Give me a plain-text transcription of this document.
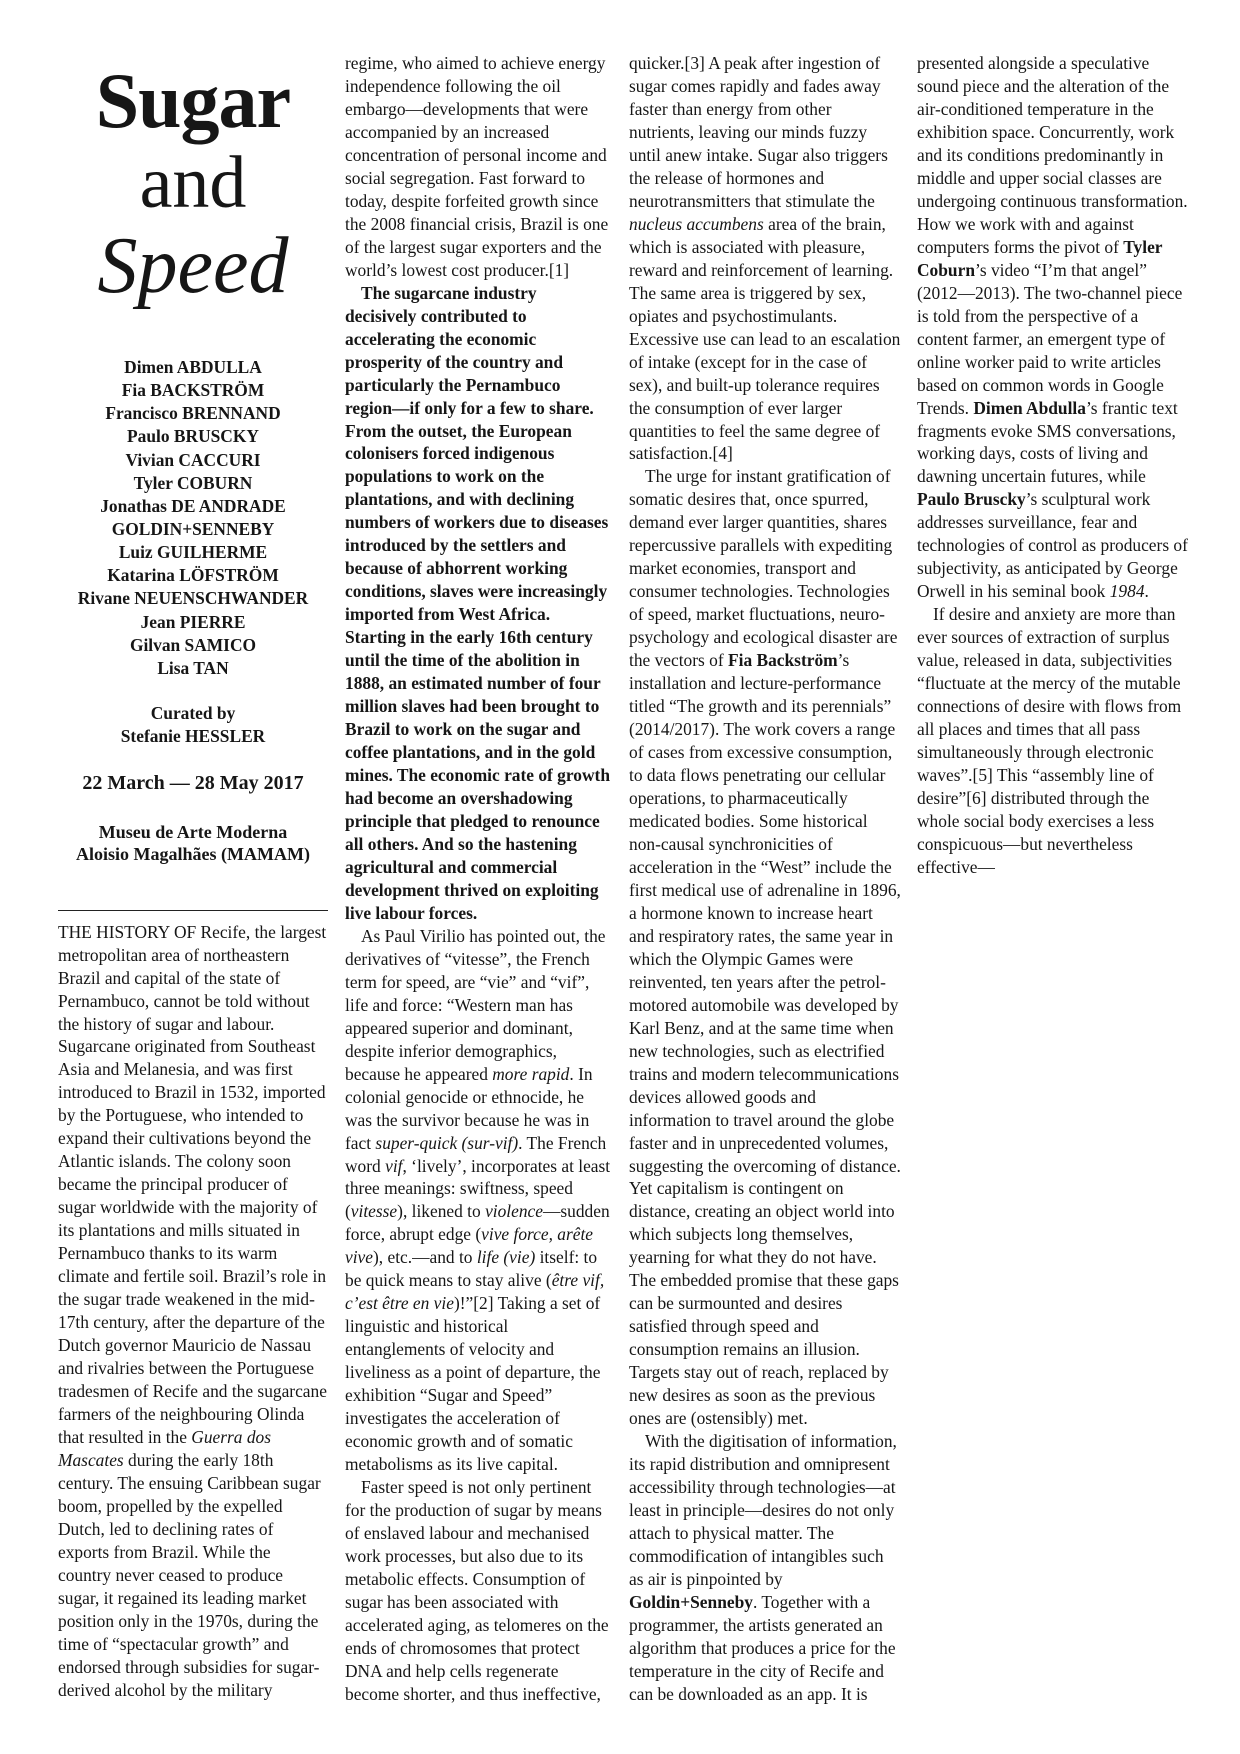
Sugar
and
Speed
Dimen ABDULLA
Fia BACKSTRÖM
Francisco BRENNAND
Paulo BRUSCKY
Vivian CACCURI
Tyler COBURN
Jonathas DE ANDRADE
GOLDIN+SENNEBY
Luiz GUILHERME
Katarina LÖFSTRÖM
Rivane NEUENSCHWANDER
Jean PIERRE
Gilvan SAMICO
Lisa TAN
Curated by
Stefanie HESSLER
22 March — 28 May 2017
Museu de Arte Moderna
Aloisio Magalhães (MAMAM)

THE HISTORY OF Recife, the largest metropolitan area of northeastern Brazil and capital of the state of Pernambuco, cannot be told without the history of sugar and labour. Sugarcane originated from Southeast Asia and Melanesia, and was first introduced to Brazil in 1532, imported by the Portuguese, who intended to expand their cultivations beyond the Atlantic islands. The colony soon became the principal producer of sugar worldwide with the majority of its plantations and mills situated in Pernambuco thanks to its warm climate and fertile soil. Brazil’s role in the sugar trade weakened in the mid-17th century, after the departure of the Dutch governor Mauricio de Nassau and rivalries between the Portuguese tradesmen of Recife and the sugarcane farmers of the neighbouring Olinda that resulted in the Guerra dos Mascates during the early 18th century. The ensuing Caribbean sugar boom, propelled by the expelled Dutch, led to declining rates of exports from Brazil. While the country never ceased to produce sugar, it regained its leading market position only in the 1970s, during the time of “spectacular growth” and endorsed through subsidies for sugar-derived alcohol by the military

regime, who aimed to achieve energy independence following the oil embargo—developments that were accompanied by an increased concentration of personal income and social segregation. Fast forward to today, despite forfeited growth since the 2008 financial crisis, Brazil is one of the largest sugar exporters and the world’s lowest cost producer.[1]

The sugarcane industry decisively contributed to accelerating the economic prosperity of the country and particularly the Pernambuco region—if only for a few to share. From the outset, the European colonisers forced indigenous populations to work on the plantations, and with declining numbers of workers due to diseases introduced by the settlers and because of abhorrent working conditions, slaves were increasingly imported from West Africa. Starting in the early 16th century until the time of the abolition in 1888, an estimated number of four million slaves had been brought to Brazil to work on the sugar and coffee plantations, and in the gold mines. The economic rate of growth had become an overshadowing principle that pledged to renounce all others. And so the hastening agricultural and commercial development thrived on exploiting live labour forces.

As Paul Virilio has pointed out, the derivatives of “vitesse”, the French term for speed, are “vie” and “vif”, life and force: “Western man has appeared superior and dominant, despite inferior demographics, because he appeared more rapid. In colonial genocide or ethnocide, he was the survivor because he was in fact super-quick (sur-vif). The French word vif, ‘lively’, incorporates at least three meanings: swiftness, speed (vitesse), likened to violence—sudden force, abrupt edge (vive force, arête vive), etc.—and to life (vie) itself: to be quick means to stay alive (être vif, c’est être en vie)!”[2] Taking a set of linguistic and historical entanglements of velocity and liveliness as a point of departure, the exhibition “Sugar and Speed” investigates the acceleration of economic growth and of somatic metabolisms as its live capital.

Faster speed is not only pertinent for the production of sugar by means of enslaved labour and mechanised work processes, but also due to its metabolic effects. Consumption of sugar has been associated with accelerated aging, as telomeres on the ends of chromosomes that protect DNA and help cells regenerate become shorter, and thus ineffective,

quicker.[3] A peak after ingestion of sugar comes rapidly and fades away faster than energy from other nutrients, leaving our minds fuzzy until anew intake. Sugar also triggers the release of hormones and neurotransmitters that stimulate the nucleus accumbens area of the brain, which is associated with pleasure, reward and reinforcement of learning. The same area is triggered by sex, opiates and psychostimulants. Excessive use can lead to an escalation of intake (except for in the case of sex), and built-up tolerance requires the consumption of ever larger quantities to feel the same degree of satisfaction.[4]

The urge for instant gratification of somatic desires that, once spurred, demand ever larger quantities, shares repercussive parallels with expediting market economies, transport and consumer technologies. Technologies of speed, market fluctuations, neuro-psychology and ecological disaster are the vectors of Fia Backström’s installation and lecture-performance titled “The growth and its perennials” (2014/2017). The work covers a range of cases from excessive consumption, to data flows penetrating our cellular operations, to pharmaceutically medicated bodies. Some historical non-causal synchronicities of acceleration in the “West” include the first medical use of adrenaline in 1896, a hormone known to increase heart and respiratory rates, the same year in which the Olympic Games were reinvented, ten years after the petrol-motored automobile was developed by Karl Benz, and at the same time when new technologies, such as electrified trains and modern telecommunications devices allowed goods and information to travel around the globe faster and in unprecedented volumes, suggesting the overcoming of distance. Yet capitalism is contingent on distance, creating an object world into which subjects long themselves, yearning for what they do not have. The embedded promise that these gaps can be surmounted and desires satisfied through speed and consumption remains an illusion. Targets stay out of reach, replaced by new desires as soon as the previous ones are (ostensibly) met.

With the digitisation of information, its rapid distribution and omnipresent accessibility through technologies—at least in principle—desires do not only attach to physical matter. The commodification of intangibles such as air is pinpointed by Goldin+Senneby. Together with a programmer, the artists generated an algorithm that produces a price for the temperature in the city of Recife and can be downloaded as an app. It is

presented alongside a speculative sound piece and the alteration of the air-conditioned temperature in the exhibition space. Concurrently, work and its conditions predominantly in middle and upper social classes are undergoing continuous transformation. How we work with and against computers forms the pivot of Tyler Coburn’s video “I’m that angel” (2012—2013). The two-channel piece is told from the perspective of a content farmer, an emergent type of online worker paid to write articles based on common words in Google Trends. Dimen Abdulla’s frantic text fragments evoke SMS conversations, working days, costs of living and dawning uncertain futures, while Paulo Bruscky’s sculptural work addresses surveillance, fear and technologies of control as producers of subjectivity, as anticipated by George Orwell in his seminal book 1984.

If desire and anxiety are more than ever sources of extraction of surplus value, released in data, subjectivities “fluctuate at the mercy of the mutable connections of desire with flows from all places and times that all pass simultaneously through electronic waves”.[5] This “assembly line of desire”[6] distributed through the whole social body exercises a less conspicuous—but nevertheless effective—
